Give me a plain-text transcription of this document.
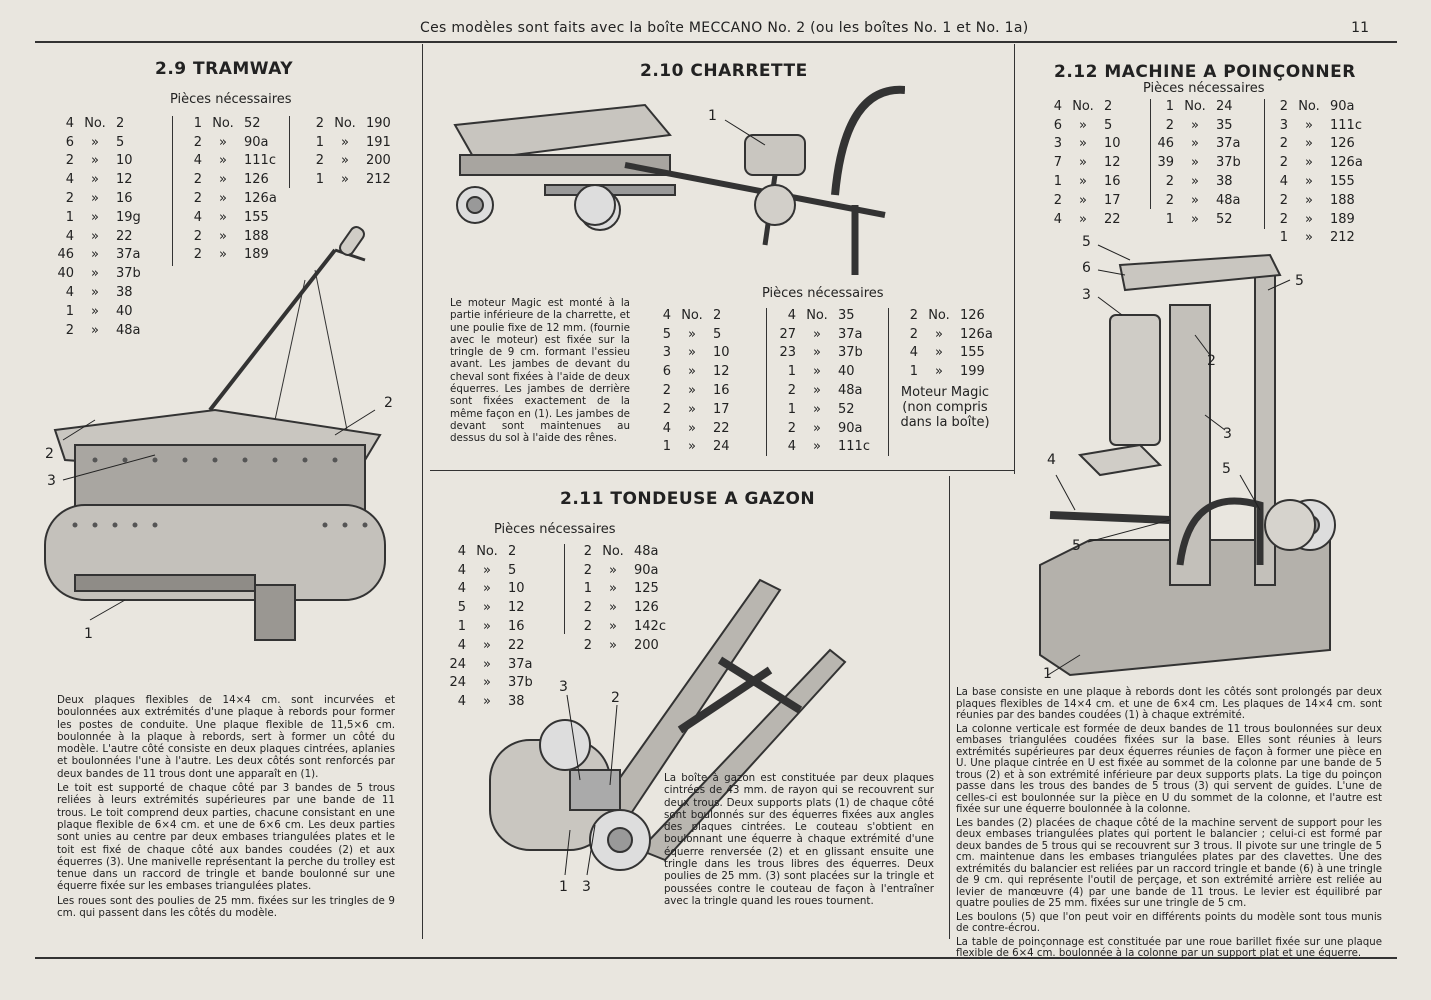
Ces modèles sont faits avec la boîte MECCANO No. 2 (ou les boîtes No. 1 et No. 1a)	11
2.9 TRAMWAY
Pièces nécessaires
4	No.	2
6	»	5
2	»	10
4	»	12
2	»	16
1	»	19g
4	»	22
46	»	37a
40	»	37b
4	»	38
1	»	40
2	»	48a
1	No.	52
2	»	90a
4	»	111c
2	»	126
2	»	126a
4	»	155
2	»	188
2	»	189
2	No.	190
1	»	191
2	»	200
1	»	212
2
3
2
1

Deux plaques flexibles de 14×4 cm. sont incurvées et boulonnées aux extrémités d'une plaque à rebords pour former les postes de conduite. Une plaque flexible de 11,5×6 cm. boulonnée à la plaque à rebords, sert à former un côté du modèle. L'autre côté consiste en deux plaques cintrées, aplanies et boulonnées l'une à l'autre. Les deux côtés sont renforcés par deux bandes de 11 trous dont une apparaît en (1).

Le toit est supporté de chaque côté par 3 bandes de 5 trous reliées à leurs extrémités supérieures par une bande de 11 trous. Le toit comprend deux parties, chacune consistant en une plaque flexible de 6×4 cm. et une de 6×6 cm. Les deux parties sont unies au centre par deux embases triangulées plates et le toit est fixé de chaque côté aux bandes coudées (2) et aux équerres (3). Une manivelle représentant la perche du trolley est tenue dans un raccord de tringle et bande boulonné sur une équerre fixée sur les embases triangulées plates.

Les roues sont des poulies de 25 mm. fixées sur les tringles de 9 cm. qui passent dans les côtés du modèle.

2.10 CHARRETTE
1
Le moteur Magic est monté à la partie inférieure de la charrette, et une poulie fixe de 12 mm. (fournie avec le moteur) est fixée sur la tringle de 9 cm. formant l'essieu avant. Les jambes de devant du cheval sont fixées à l'aide de deux équerres. Les jambes de derrière sont fixées exactement de la même façon en (1). Les jambes de devant sont maintenues au dessus du sol à l'aide des rênes.
Pièces nécessaires
4	No.	2
5	»	5
3	»	10
6	»	12
2	»	16
2	»	17
4	»	22
1	»	24
4	No.	35
27	»	37a
23	»	37b
1	»	40
2	»	48a
1	»	52
2	»	90a
4	»	111c
2	No.	126
2	»	126a
4	»	155
1	»	199
Moteur Magic
(non compris
dans la boîte)
2.11 TONDEUSE A GAZON
Pièces nécessaires
4	No.	2
4	»	5
4	»	10
5	»	12
1	»	16
4	»	22
24	»	37a
24	»	37b
4	»	38
2	No.	48a
2	»	90a
1	»	125
2	»	126
2	»	142c
2	»	200
3
2
1 3
La boîte à gazon est constituée par deux plaques cintrées de 43 mm. de rayon qui se recouvrent sur deux trous. Deux supports plats (1) de chaque côté sont boulonnés sur des équerres fixées aux angles des plaques cintrées. Le couteau s'obtient en boulonnant une équerre à chaque extrémité d'une équerre renversée (2) et en glissant ensuite une tringle dans les trous libres des équerres. Deux poulies de 25 mm. (3) sont placées sur la tringle et poussées contre le couteau de façon à l'entraîner avec la tringle quand les roues tournent.
2.12 MACHINE A POINÇONNER
Pièces nécessaires
4	No.	2
6	»	5
3	»	10
7	»	12
1	»	16
2	»	17
4	»	22
1	No.	24
2	»	35
46	»	37a
39	»	37b
2	»	38
2	»	48a
1	»	52
2	No.	90a
3	»	111c
2	»	126
2	»	126a
4	»	155
2	»	188
2	»	189
1	»	212
5
6
3
5
2
3
4
5
5
1

La base consiste en une plaque à rebords dont les côtés sont prolongés par deux plaques flexibles de 14×4 cm. et une de 6×4 cm. Les plaques de 14×4 cm. sont réunies par des bandes coudées (1) à chaque extrémité.

La colonne verticale est formée de deux bandes de 11 trous boulonnées sur deux embases triangulées coudées fixées sur la base. Elles sont réunies à leurs extrémités supérieures par deux équerres réunies de façon à former une pièce en U. Une plaque cintrée en U est fixée au sommet de la colonne par une bande de 5 trous (2) et à son extrémité inférieure par deux supports plats. La tige du poinçon passe dans les trous des bandes de 5 trous (3) qui servent de guides. L'une de celles-ci est boulonnée sur la pièce en U du sommet de la colonne, et l'autre est fixée sur une équerre boulonnée à la colonne.

Les bandes (2) placées de chaque côté de la machine servent de support pour les deux embases triangulées plates qui portent le balancier ; celui-ci est formé par deux bandes de 5 trous qui se recouvrent sur 3 trous. Il pivote sur une tringle de 5 cm. maintenue dans les embases triangulées plates par des clavettes. Une des extrémités du balancier est reliées par un raccord tringle et bande (6) à une tringle de 9 cm. qui représente l'outil de perçage, et son extrémité arrière est reliée au levier de manœuvre (4) par une bande de 11 trous. Le levier est équilibré par quatre poulies de 25 mm. fixées sur une tringle de 5 cm.

Les boulons (5) que l'on peut voir en différents points du modèle sont tous munis de contre-écrou.

La table de poinçonnage est constituée par une roue barillet fixée sur une plaque flexible de 6×4 cm. boulonnée à la colonne par un support plat et une équerre.
